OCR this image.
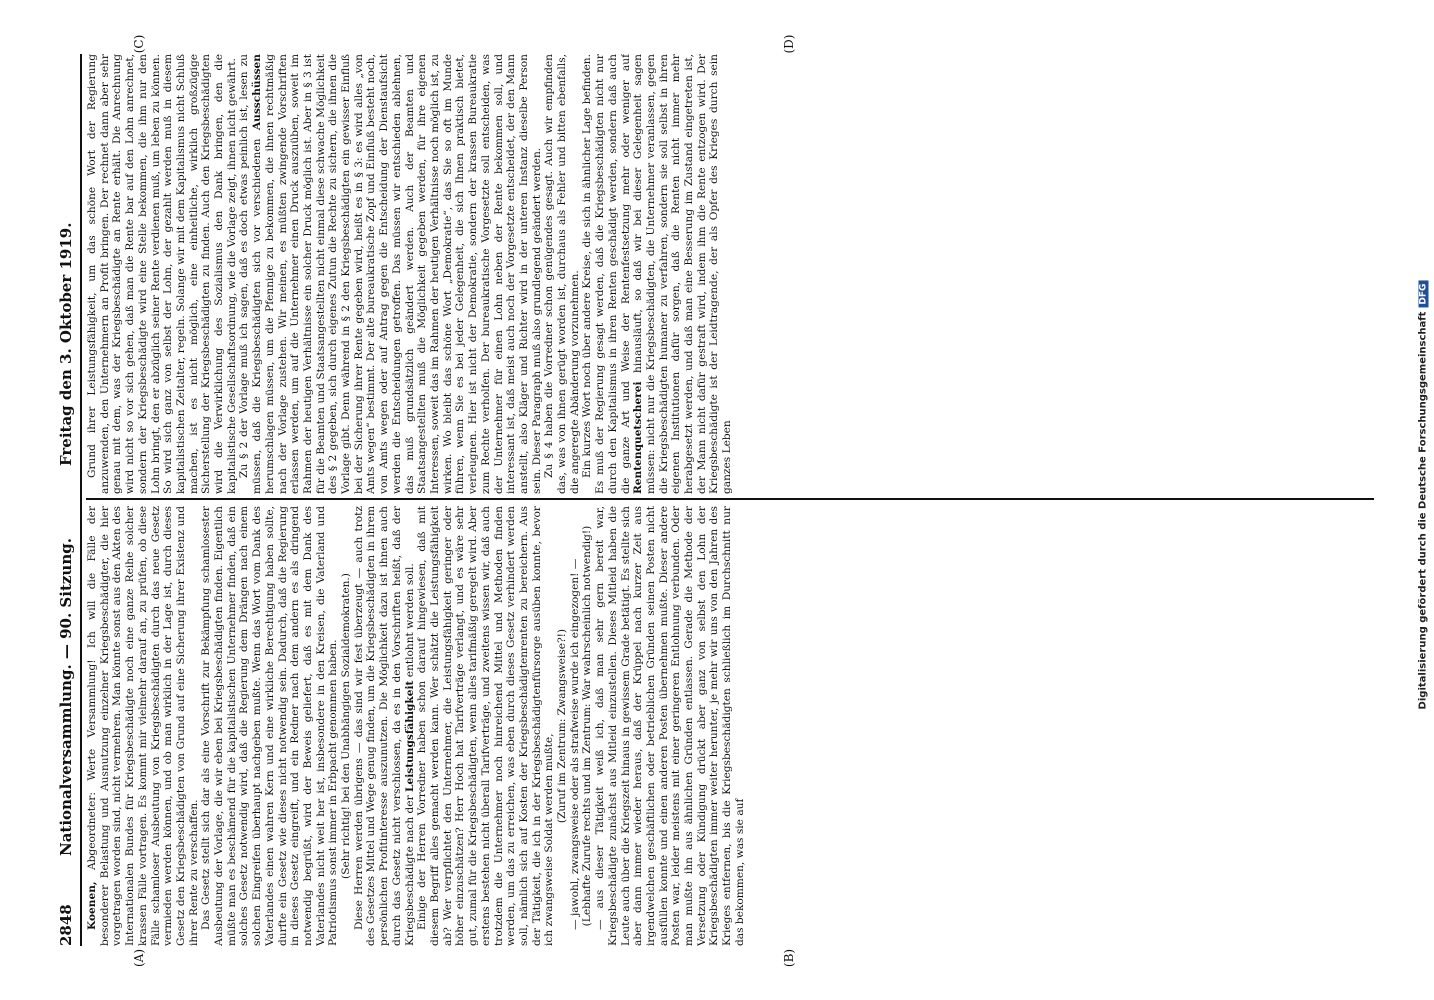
2848
Nationalversammlung. — 90. Sitzung.
Freitag den 3. Oktober 1919.

Koenen, Abgeordneter: Werte Versammlung! Ich will die Fälle der besonderer Belastung und Ausnutzung einzelner Kriegsbeschädigter, die hier vorgetragen worden sind, nicht vermehren. Man könnte sonst aus den Akten des Internationalen Bundes für Kriegsbeschädigte noch eine ganze Reihe solcher krassen Fälle vortragen. Es kommt mir vielmehr darauf an, zu prüfen, ob diese Fälle schamloser Ausbeutung von Kriegsbeschädigten durch das neue Gesetz vermieden werden können, und ob man wirklich in der Lage ist, durch dieses Gesetz den Kriegsbeschädigten von Grund auf eine Sicherung ihrer Existenz und ihrer Rente zu verschaffen. Das Gesetz stellt sich dar als eine Vorschrift zur Bekämpfung schamlosester Ausbeutung der Vorlage, die wir eben bei Kriegsbeschädigten finden. Eigentlich müßte man es beschämend für die kapitalistischen Unternehmer finden, daß ein solches Gesetz notwendig wird, daß die Regierung dem Drängen nach einem solchen Eingreifen überhaupt nachgeben mußte. Wenn das Wort vom Dank des Vaterlandes einen wahren Kern und eine wirkliche Berechtigung haben sollte, durfte ein Gesetz wie dieses nicht notwendig sein. Dadurch, daß die Regierung in dieses Gesetz eingreift, und ein Redner nach dem andern es als dringend notwendig begrüßt, wird der Beweis geliefert, daß es mit dem Dank des Vaterlandes nicht weit her ist, insbesondere in den Kreisen, die Vaterland und Patriotismus sonst immer in Erbpacht genommen haben. (Sehr richtig! bei den Unabhängigen Sozialdemokraten.) Diese Herren werden übrigens — das sind wir fest überzeugt — auch trotz des Gesetzes Mittel und Wege genug finden, um die Kriegsbeschädigten in ihrem persönlichen Profitinteresse auszunutzen. Die Möglichkeit dazu ist ihnen auch durch das Gesetz nicht verschlossen, da es in den Vorschriften heißt, daß der Kriegsbeschädigte nach der Leistungsfähigkeit entlohnt werden soll. Einige der Herren Vorredner haben schon darauf hingewiesen, daß mit diesem Begriff alles gemacht werden kann. Wer schätzt die Leistungsfähigkeit ab? Wer verpflichtet den Unternehmer, die Leistungsfähigkeit geringer oder höher einzuschätzen? Herr Hoch hat Tarifverträge verlangt, und es wäre sehr gut, zumal für die Kriegsbeschädigten, wenn alles tarifmäßig geregelt wird. Aber erstens bestehen nicht überall Tarifverträge, und zweitens wissen wir, daß auch trotzdem die Unternehmer noch hinreichend Mittel und Methoden finden werden, um das zu erreichen, was eben durch dieses Gesetz verhindert werden soll, nämlich sich auf Kosten der Kriegsbeschädigtenrenten zu bereichern. Aus der Tätigkeit, die ich in der Kriegsbeschädigtenfürsorge ausüben konnte, bevor ich zwangsweise Soldat werden mußte,

(Zuruf im Zentrum: Zwangsweise?!) — jawohl, zwangsweise oder als strafweise wurde ich eingezogen! — (Lebhafte Zurufe rechts und im Zentrum: War wahrscheinlich notwendig!) — aus dieser Tätigkeit weiß ich, daß man sehr gern bereit war, Kriegsbeschädigte zunächst aus Mitleid einzustellen. Dieses Mitleid haben die Leute auch über die Kriegszeit hinaus in gewissem Grade betätigt. Es stellte sich aber dann immer wieder heraus, daß der Krüppel nach kurzer Zeit aus irgendwelchen geschäftlichen oder betrieblichen Gründen seinen Posten nicht ausfüllen konnte und einen anderen Posten übernehmen mußte. Dieser andere Posten war, leider meistens mit einer geringeren Entlohnung verbunden. Oder man mußte ihn aus ähnlichen Gründen entlassen. Gerade die Methode der Versetzung oder Kündigung drückt aber ganz von selbst den Lohn der Kriegsbeschädigten immer weiter herunter, je mehr wir uns von den Jahren des Krieges entfernen, bis die Kriegsbeschädigten schließlich im Durchschnitt nur das bekommen, was sie auf

Grund ihrer Leistungsfähigkeit, um das schöne Wort der Regierung anzuwenden, den Unternehmern an Profit bringen. Der rechnet dann aber sehr genau mit dem, was der Kriegsbeschädigte an Rente erhält. Die Anrechnung wird nicht so vor sich gehen, daß man die Rente bar auf den Lohn anrechnet, sondern der Kriegsbeschädigte wird eine Stelle bekommen, die ihm nur den Lohn bringt, den er abzüglich seiner Rente verdienen muß, um leben zu können. So wird sich ganz von selbst der Lohn, der gezahlt werden muß in diesem kapitalistischen Zeitalter, regeln. Solange wir mit dem Kapitalismus nicht Schluß machen, ist es nicht möglich, eine einheitliche, wirklich großzügige Sicherstellung der Kriegsbeschädigten zu finden. Auch den Kriegsbeschädigten wird die Verwirklichung des Sozialismus den Dank bringen, den die kapitalistische Gesellschaftsordnung, wie die Vorlage zeigt, ihnen nicht gewährt. Zu § 2 der Vorlage muß ich sagen, daß es doch etwas peinlich ist, lesen zu müssen, daß die Kriegsbeschädigten sich vor verschiedenen Ausschüssen herumschlagen müssen, um die Pfennige zu bekommen, die ihnen rechtmäßig nach der Vorlage zustehen. Wir meinen, es müßten zwingende Vorschriften erlassen werden, um auf die Unternehmer einen Druck auszuüben, soweit im Rahmen der heutigen Verhältnisse ein solcher Druck möglich ist. Aber in § 3 ist für die Beamten und Staatsangestellten nicht einmal diese schwache Möglichkeit des § 2 gegeben, sich durch eigenes Zutun die Rechte zu sichern, die ihnen die Vorlage gibt. Denn während in § 2 den Kriegsbeschädigten ein gewisser Einfluß bei der Sicherung ihrer Rente gegeben wird, heißt es in § 3: es wird alles „von Amts wegen“ bestimmt. Der alte bureaukratische Zopf und Einfluß besteht noch, von Amts wegen oder auf Antrag gegen die Entscheidung der Dienstaufsicht werden die Entscheidungen getroffen. Das müssen wir entschieden ablehnen, das muß grundsätzlich geändert werden. Auch der Beamten und Staatsangestellten muß die Möglichkeit gegeben werden, für ihre eigenen Interessen, soweit das im Rahmen der heutigen Verhältnisse noch möglich ist, zu wirken. Wo bleibt das schöne Wort „Demokratie“, das Sie so oft im Munde führen, wenn Sie es bei jeder Gelegenheit, die sich Ihnen praktisch bietet, verleugnen. Hier ist nicht der Demokratie, sondern der krassen Bureaukratie zum Rechte verholfen. Der bureaukratische Vorgesetzte soll entscheiden, was der Unternehmer für einen Lohn neben der Rente bekommen soll, und interessant ist, daß meist auch noch der Vorgesetzte entscheidet, der den Mann anstellt, also Kläger und Richter wird in der unteren Instanz dieselbe Person sein. Dieser Paragraph muß also grundlegend geändert werden. Zu § 4 haben die Vorredner schon genügendes gesagt. Auch wir empfinden das, was von ihnen gerügt worden ist, durchaus als Fehler und bitten ebenfalls, die angeregte Abänderung vorzunehmen. Ein kurzes Wort noch über andere Kreise, die sich in ähnlicher Lage befinden. Es muß der Regierung gesagt werden, daß die Kriegsbeschädigten nicht nur durch den Kapitalismus in ihren Renten geschädigt werden, sondern daß auch die ganze Art und Weise der Rentenfestsetzung mehr oder weniger auf Rentenquetscherei hinausläuft, so daß wir bei dieser Gelegenheit sagen müssen: nicht nur die Kriegsbeschädigten, die Unternehmer veranlassen, gegen die Kriegsbeschädigten humaner zu verfahren, sondern sie soll selbst in ihren eigenen Institutionen dafür sorgen, daß die Renten nicht immer mehr herabgesetzt werden, und daß man eine Besserung im Zustand eingetreten ist, der Mann nicht dafür gestraft wird, indem ihm die Rente entzogen wird. Der Kriegsbeschädigte ist der Leidtragende, der als Opfer des Krieges durch sein ganzes Leben

(A)	(B)
(C)	(D)
Digitalisierung gefördert durch die Deutsche ForschungsgemeinschaftDFG
